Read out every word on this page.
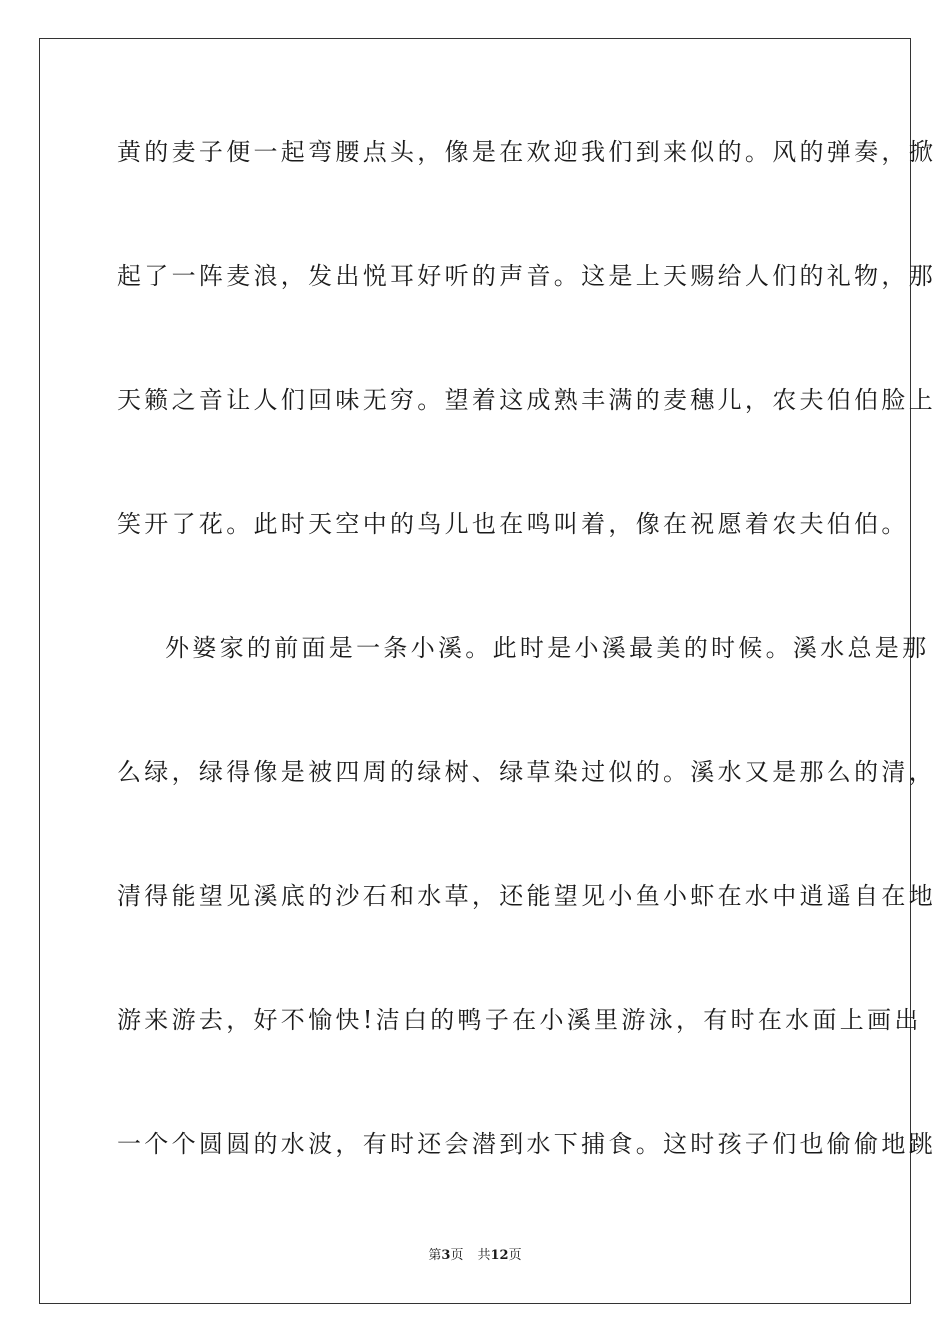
黄的麦子便一起弯腰点头，像是在欢迎我们到来似的。风的弹奏，掀
起了一阵麦浪，发出悦耳好听的声音。这是上天赐给人们的礼物，那
天籁之音让人们回味无穷。望着这成熟丰满的麦穗儿，农夫伯伯脸上
笑开了花。此时天空中的鸟儿也在鸣叫着，像在祝愿着农夫伯伯。
外婆家的前面是一条小溪。此时是小溪最美的时候。溪水总是那
么绿，绿得像是被四周的绿树、绿草染过似的。溪水又是那么的清，
清得能望见溪底的沙石和水草，还能望见小鱼小虾在水中逍遥自在地
游来游去，好不愉快!洁白的鸭子在小溪里游泳，有时在水面上画出
一个个圆圆的水波，有时还会潜到水下捕食。这时孩子们也偷偷地跳
第3页 共12页
